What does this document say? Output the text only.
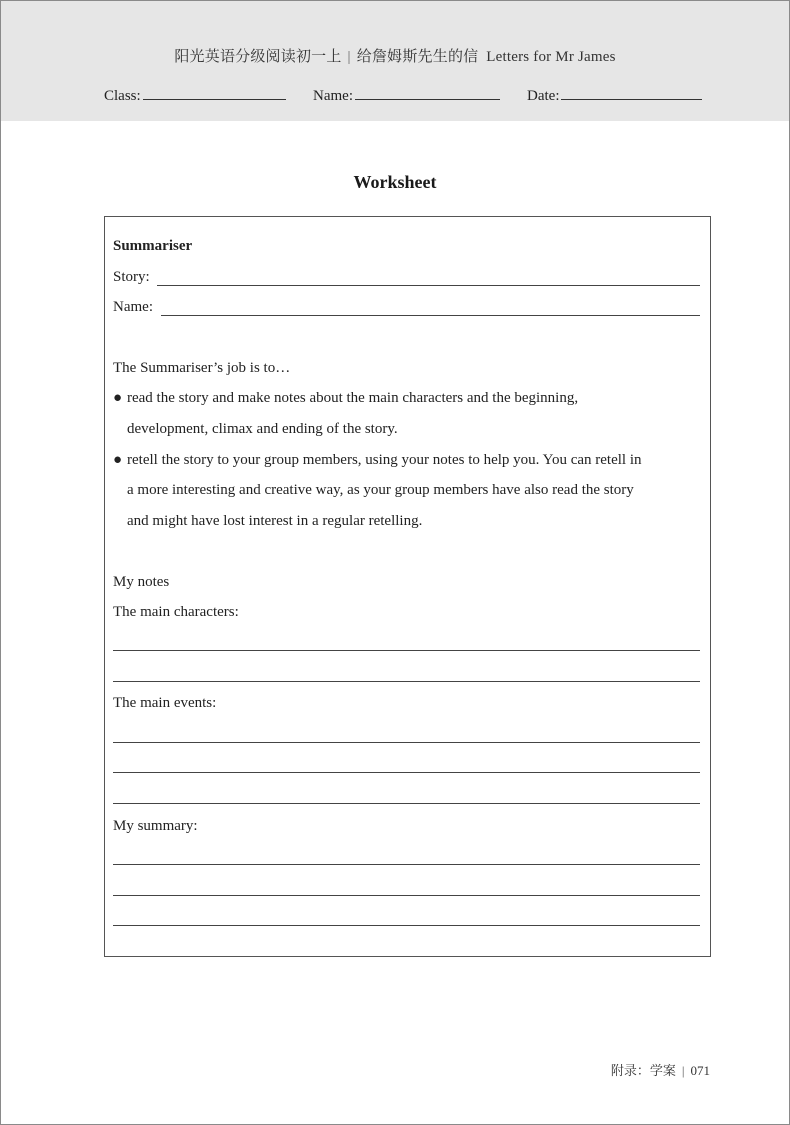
阳光英语分级阅读初一上 | 给詹姆斯先生的信 Letters for Mr James
Class:	Name:	Date:
Worksheet
Summariser
Story:
Name:
The Summariser’s job is to…
● read the story and make notes about the main characters and the beginning,
development, climax and ending of the story.
● retell the story to your group members, using your notes to help you. You can retell in
a more interesting and creative way, as your group members have also read the story
and might have lost interest in a regular retelling.
My notes
The main characters:
The main events:
My summary:
附录：学案 | 071
